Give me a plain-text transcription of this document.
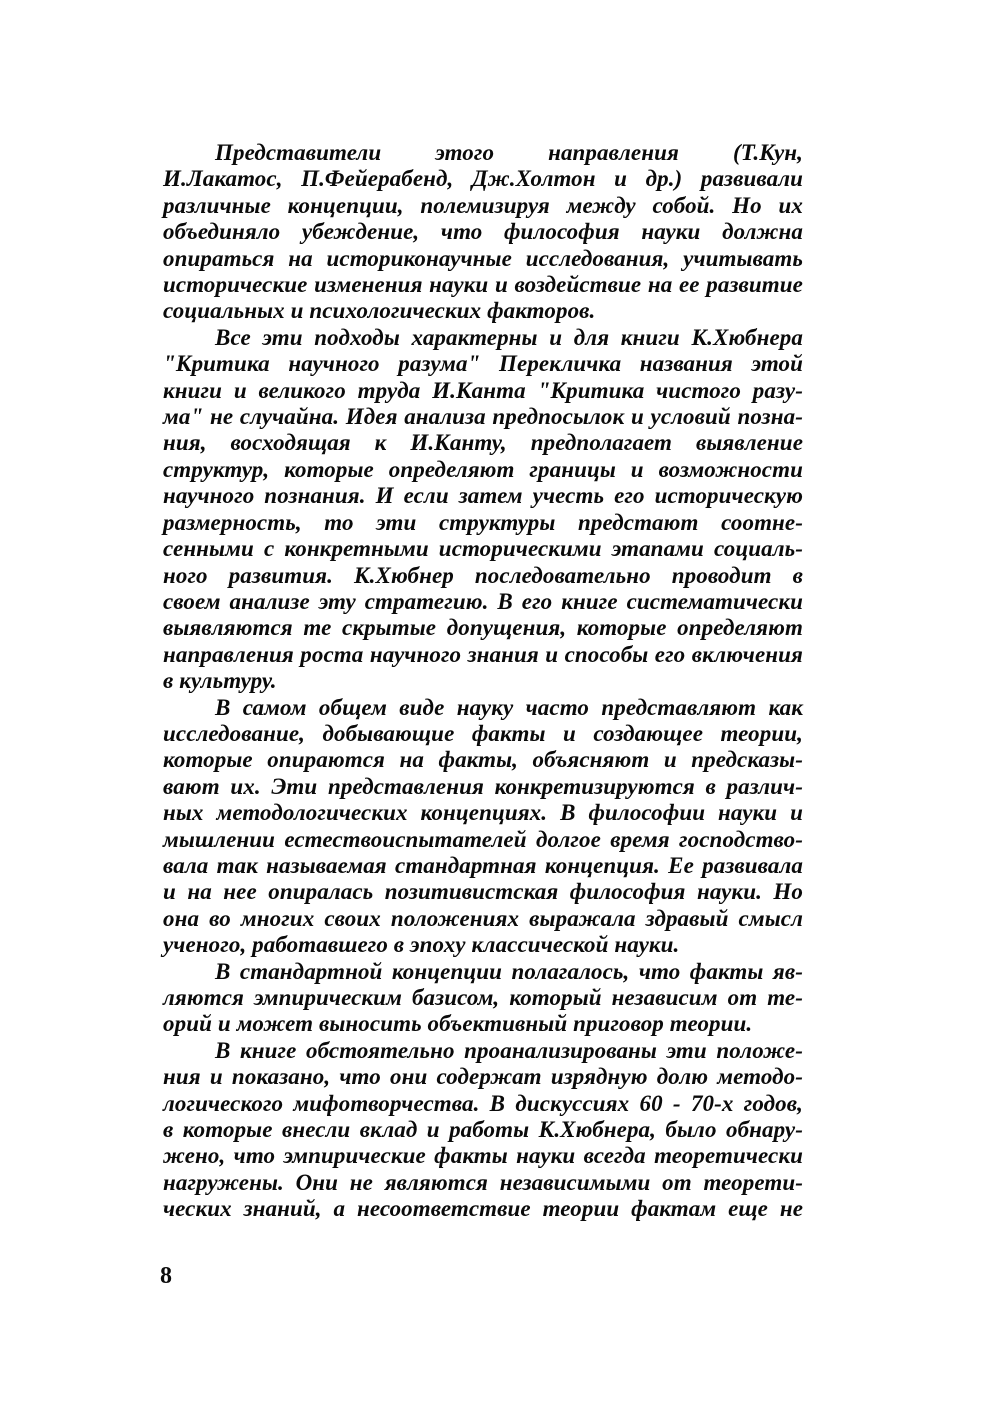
Представители этого направления (Т.Кун,
И.Лакатос, П.Фейерабенд, Дж.Холтон и др.) развивали
различные концепции, полемизируя между собой. Но их
объединяло убеждение, что философия науки должна
опираться на историконаучные исследования, учитывать
исторические изменения науки и воздействие на ее развитие
социальных и психологических факторов.

Все эти подходы характерны и для книги К.Хюбнера
"Критика научного разума" Перекличка названия этой
книги и великого труда И.Канта "Критика чистого разу-
ма" не случайна. Идея анализа предпосылок и условий позна-
ния, восходящая к И.Канту, предполагает выявление
структур, которые определяют границы и возможности
научного познания. И если затем учесть его историческую
размерность, то эти структуры предстают соотне-
сенными с конкретными историческими этапами социаль-
ного развития. К.Хюбнер последовательно проводит в
своем анализе эту стратегию. В его книге систематически
выявляются те скрытые допущения, которые определяют
направления роста научного знания и способы его включения
в культуру.

В самом общем виде науку часто представляют как
исследование, добывающие факты и создающее теории,
которые опираются на факты, объясняют и предсказы-
вают их. Эти представления конкретизируются в различ-
ных методологических концепциях. В философии науки и
мышлении естествоиспытателей долгое время господство-
вала так называемая стандартная концепция. Ее развивала
и на нее опиралась позитивистская философия науки. Но
она во многих своих положениях выражала здравый смысл
ученого, работавшего в эпоху классической науки.

В стандартной концепции полагалось, что факты яв-
ляются эмпирическим базисом, который независим от те-
орий и может выносить объективный приговор теории.

В книге обстоятельно проанализированы эти положе-
ния и показано, что они содержат изрядную долю методо-
логического мифотворчества. В дискуссиях 60 - 70-х годов,
в которые внесли вклад и работы К.Хюбнера, было обнару-
жено, что эмпирические факты науки всегда теоретически
нагружены. Они не являются независимыми от теорети-
ческих знаний, а несоответствие теории фактам еще не

8
